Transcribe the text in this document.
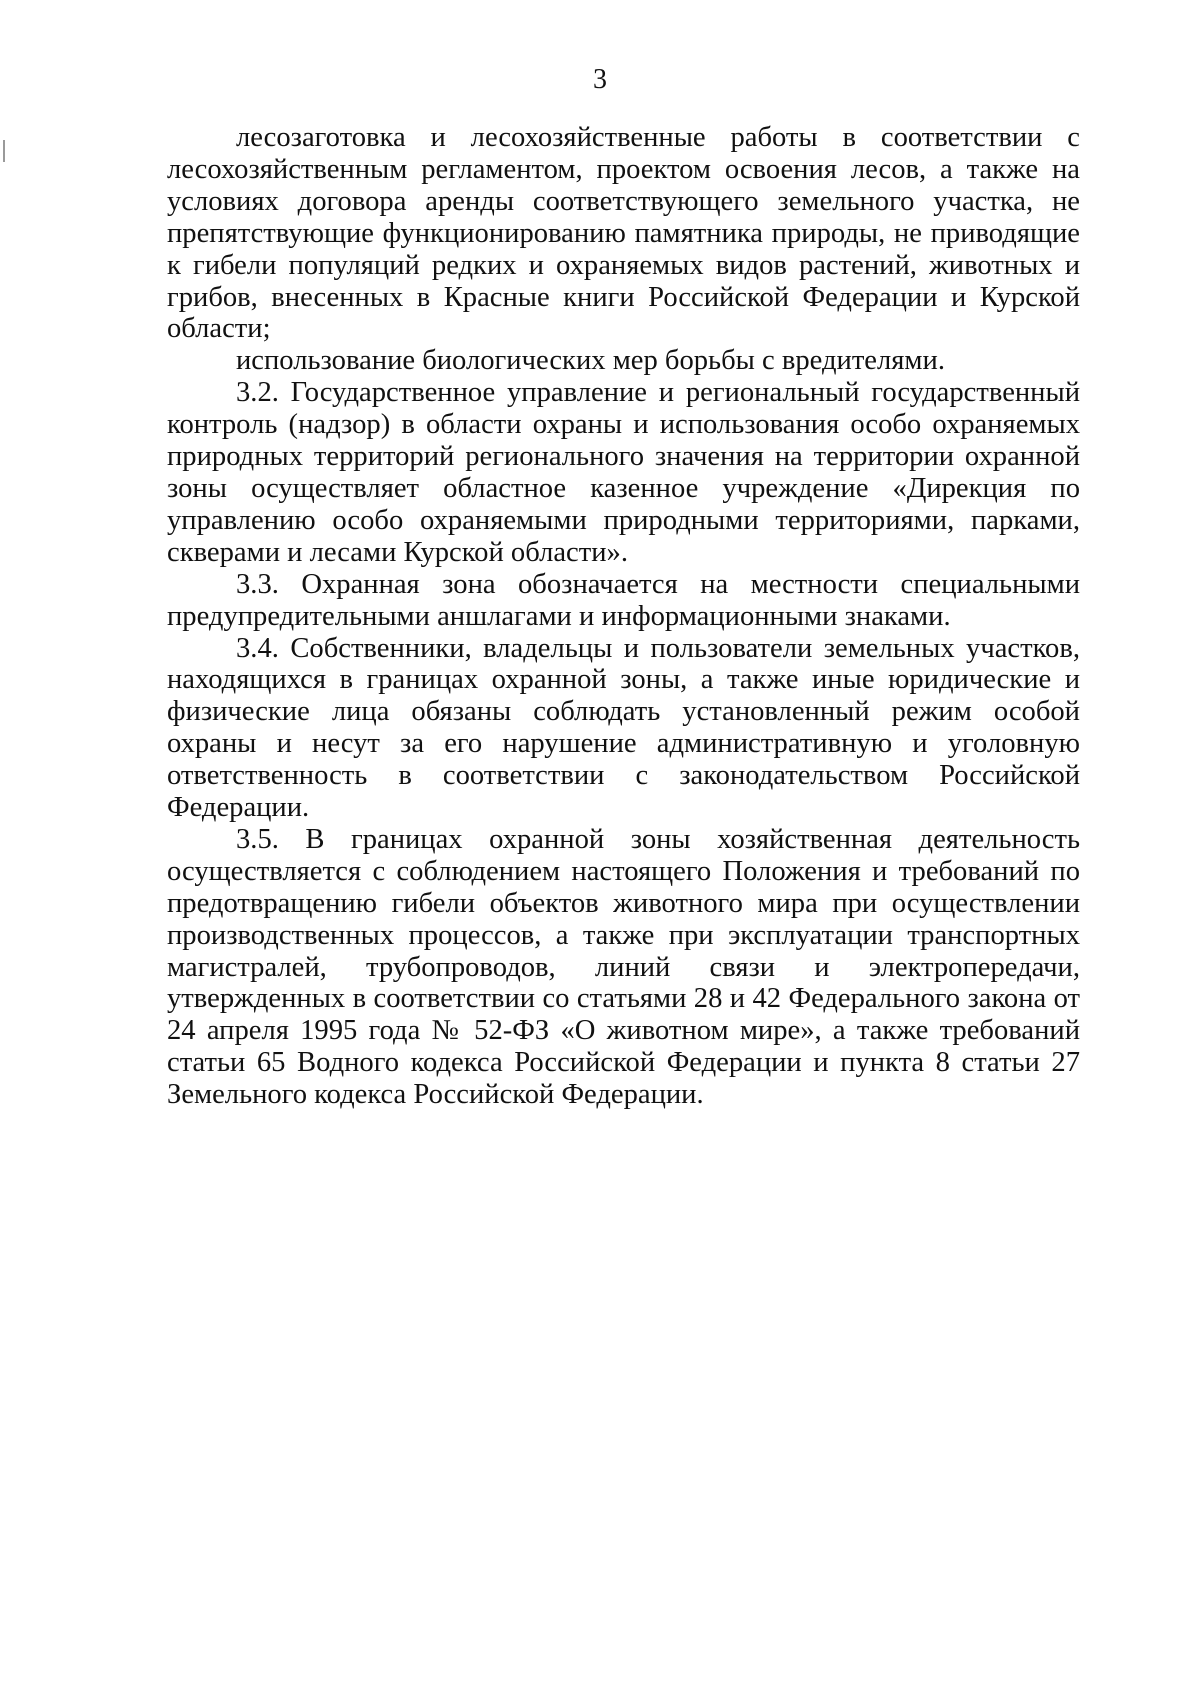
3

лесозаготовка и лесохозяйственные работы в соответствии с лесохозяйственным регламентом, проектом освоения лесов, а также на условиях договора аренды соответствующего земельного участка, не препятствующие функционированию памятника природы, не приводящие к гибели популяций редких и охраняемых видов растений, животных и грибов, внесенных в Красные книги Российской Федерации и Курской области;

использование биологических мер борьбы с вредителями.

3.2. Государственное управление и региональный государственный контроль (надзор) в области охраны и использования особо охраняемых природных территорий регионального значения на территории охранной зоны осуществляет областное казенное учреждение «Дирекция по управлению особо охраняемыми природными территориями, парками, скверами и лесами Курской области».

3.3. Охранная зона обозначается на местности специальными предупредительными аншлагами и информационными знаками.

3.4. Собственники, владельцы и пользователи земельных участков, находящихся в границах охранной зоны, а также иные юридические и физические лица обязаны соблюдать установленный режим особой охраны и несут за его нарушение административную и уголовную ответственность в соответствии с законодательством Российской Федерации.

3.5. В границах охранной зоны хозяйственная деятельность осуществляется с соблюдением настоящего Положения и требований по предотвращению гибели объектов животного мира при осуществлении производственных процессов, а также при эксплуатации транспортных магистралей, трубопроводов, линий связи и электропередачи, утвержденных в соответствии со статьями 28 и 42 Федерального закона от 24 апреля 1995 года № 52-ФЗ «О животном мире», а также требований статьи 65 Водного кодекса Российской Федерации и пункта 8 статьи 27 Земельного кодекса Российской Федерации.
